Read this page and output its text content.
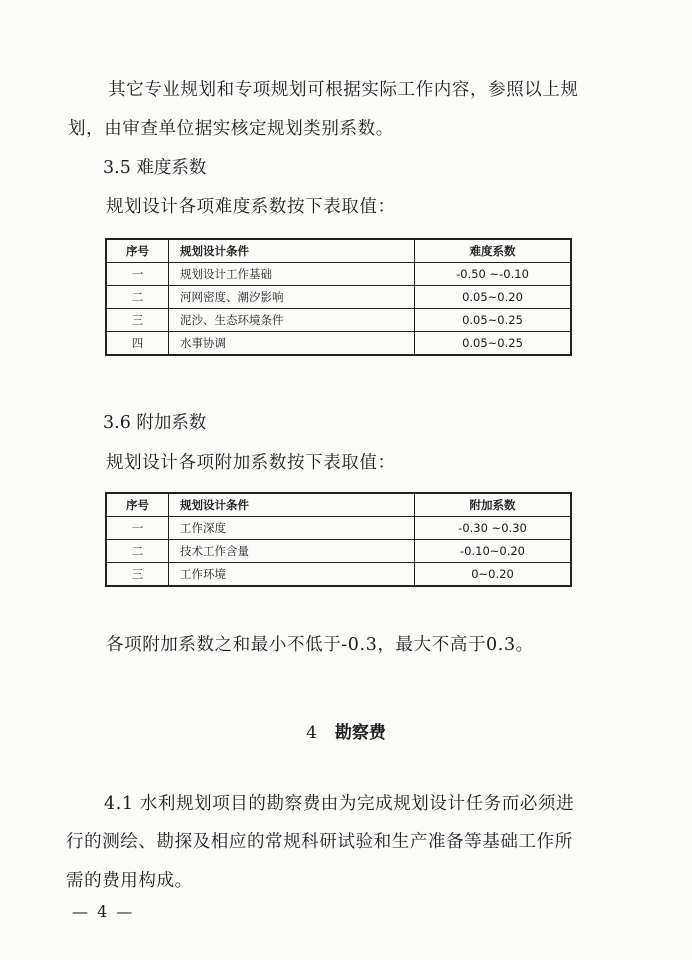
其它专业规划和专项规划可根据实际工作内容，参照以上规
划，由审查单位据实核定规划类别系数。
3.5 难度系数
规划设计各项难度系数按下表取值：
序号	规划设计条件	难度系数
一	规划设计工作基础	-0.50 ~-0.10
二	河网密度、潮汐影响	0.05~0.20
三	泥沙、生态环境条件	0.05~0.25
四	水事协调	0.05~0.25
3.6 附加系数
规划设计各项附加系数按下表取值：
序号	规划设计条件	附加系数
一	工作深度	-0.30 ~0.30
二	技术工作含量	-0.10~0.20
三	工作环境	0~0.20
各项附加系数之和最小不低于-0.3，最大不高于0.3。
4 勘察费
4.1 水利规划项目的勘察费由为完成规划设计任务而必须进
行的测绘、勘探及相应的常规科研试验和生产准备等基础工作所
需的费用构成。
— 4 —
